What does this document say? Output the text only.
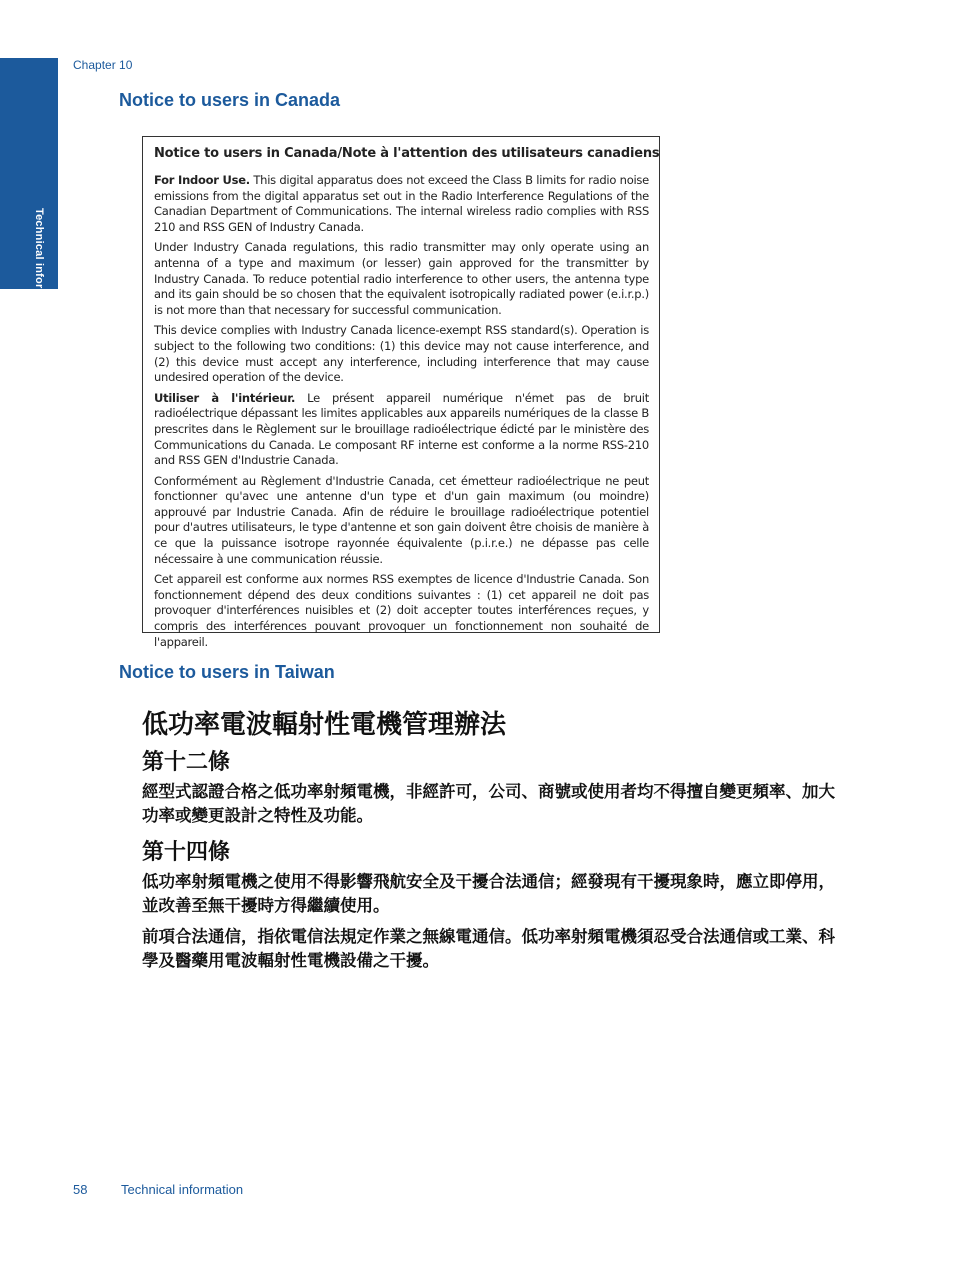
Technical information
Chapter 10
Notice to users in Canada
Notice to users in Canada/Note à l'attention des utilisateurs canadiens

For Indoor Use. This digital apparatus does not exceed the Class B limits for radio noise emissions from the digital apparatus set out in the Radio Interference Regulations of the Canadian Department of Communications. The internal wireless radio complies with RSS 210 and RSS GEN of Industry Canada.

Under Industry Canada regulations, this radio transmitter may only operate using an antenna of a type and maximum (or lesser) gain approved for the transmitter by Industry Canada. To reduce potential radio interference to other users, the antenna type and its gain should be so chosen that the equivalent isotropically radiated power (e.i.r.p.) is not more than that necessary for successful communication.

This device complies with Industry Canada licence-exempt RSS standard(s). Operation is subject to the following two conditions: (1) this device may not cause interference, and (2) this device must accept any interference, including interference that may cause undesired operation of the device.

Utiliser à l'intérieur. Le présent appareil numérique n'émet pas de bruit radioélectrique dépassant les limites applicables aux appareils numériques de la classe B prescrites dans le Règlement sur le brouillage radioélectrique édicté par le ministère des Communications du Canada. Le composant RF interne est conforme a la norme RSS-210 and RSS GEN d'Industrie Canada.

Conformément au Règlement d'Industrie Canada, cet émetteur radioélectrique ne peut fonctionner qu'avec une antenne d'un type et d'un gain maximum (ou moindre) approuvé par Industrie Canada. Afin de réduire le brouillage radioélectrique potentiel pour d'autres utilisateurs, le type d'antenne et son gain doivent être choisis de manière à ce que la puissance isotrope rayonnée équivalente (p.i.r.e.) ne dépasse pas celle nécessaire à une communication réussie.

Cet appareil est conforme aux normes RSS exemptes de licence d'Industrie Canada. Son fonctionnement dépend des deux conditions suivantes : (1) cet appareil ne doit pas provoquer d'interférences nuisibles et (2) doit accepter toutes interférences reçues, y compris des interférences pouvant provoquer un fonctionnement non souhaité de l'appareil.

Notice to users in Taiwan
低功率電波輻射性電機管理辦法
第十二條
經型式認證合格之低功率射頻電機，非經許可，公司、商號或使用者均不得擅自變更頻率、加大功率或變更設計之特性及功能。
第十四條
低功率射頻電機之使用不得影響飛航安全及干擾合法通信；經發現有干擾現象時，應立即停用，並改善至無干擾時方得繼續使用。
前項合法通信，指依電信法規定作業之無線電通信。低功率射頻電機須忍受合法通信或工業、科學及醫藥用電波輻射性電機設備之干擾。
58	Technical information
